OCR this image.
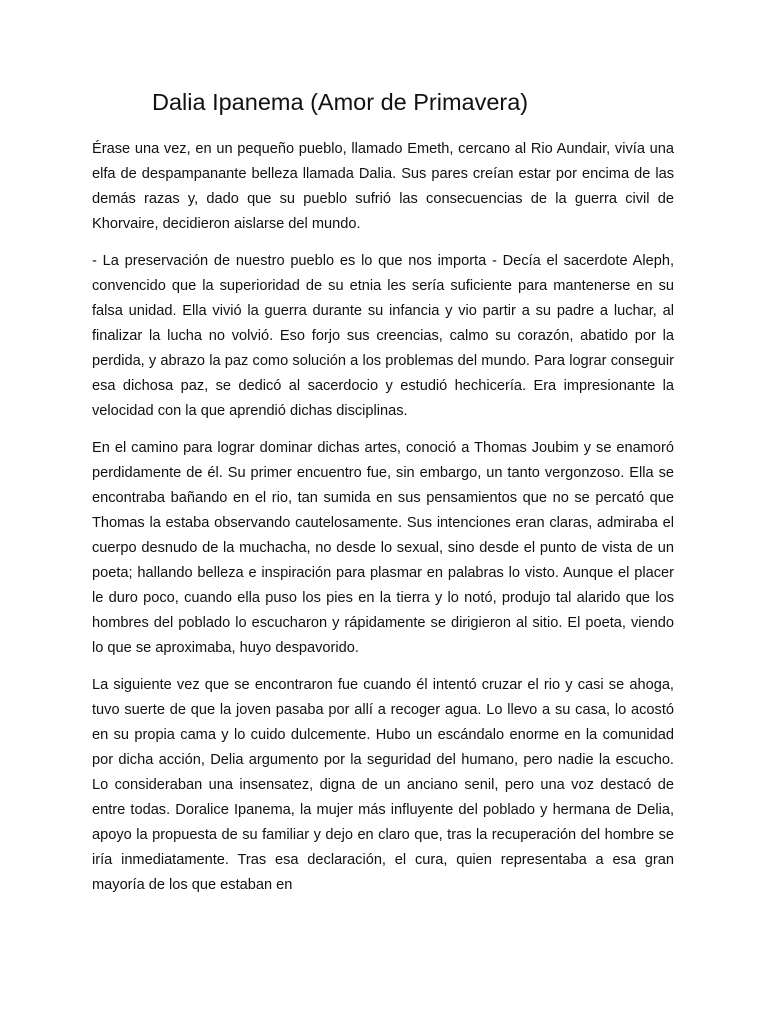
Dalia Ipanema (Amor de Primavera)

Érase una vez, en un pequeño pueblo, llamado Emeth, cercano al Rio Aundair, vivía una elfa de despampanante belleza llamada Dalia. Sus pares creían estar por encima de las demás razas y, dado que su pueblo sufrió las consecuencias de la guerra civil de Khorvaire, decidieron aislarse del mundo.

- La preservación de nuestro pueblo es lo que nos importa - Decía el sacerdote Aleph, convencido que la superioridad de su etnia les sería suficiente para mantenerse en su falsa unidad. Ella vivió la guerra durante su infancia y vio partir a su padre a luchar, al finalizar la lucha no volvió. Eso forjo sus creencias, calmo su corazón, abatido por la perdida, y abrazo la paz como solución a los problemas del mundo. Para lograr conseguir esa dichosa paz, se dedicó al sacerdocio y estudió hechicería. Era impresionante la velocidad con la que aprendió dichas disciplinas.

En el camino para lograr dominar dichas artes, conoció a Thomas Joubim y se enamoró perdidamente de él. Su primer encuentro fue, sin embargo, un tanto vergonzoso. Ella se encontraba bañando en el rio, tan sumida en sus pensamientos que no se percató que Thomas la estaba observando cautelosamente. Sus intenciones eran claras, admiraba el cuerpo desnudo de la muchacha, no desde lo sexual, sino desde el punto de vista de un poeta; hallando belleza e inspiración para plasmar en palabras lo visto. Aunque el placer le duro poco, cuando ella puso los pies en la tierra y lo notó, produjo tal alarido que los hombres del poblado lo escucharon y rápidamente se dirigieron al sitio. El poeta, viendo lo que se aproximaba, huyo despavorido.

La siguiente vez que se encontraron fue cuando él intentó cruzar el rio y casi se ahoga, tuvo suerte de que la joven pasaba por allí a recoger agua. Lo llevo a su casa, lo acostó en su propia cama y lo cuido dulcemente. Hubo un escándalo enorme en la comunidad por dicha acción, Delia argumento por la seguridad del humano, pero nadie la escucho. Lo consideraban una insensatez, digna de un anciano senil, pero una voz destacó de entre todas. Doralice Ipanema, la mujer más influyente del poblado y hermana de Delia, apoyo la propuesta de su familiar y dejo en claro que, tras la recuperación del hombre se iría inmediatamente. Tras esa declaración, el cura, quien representaba a esa gran mayoría de los que estaban en
